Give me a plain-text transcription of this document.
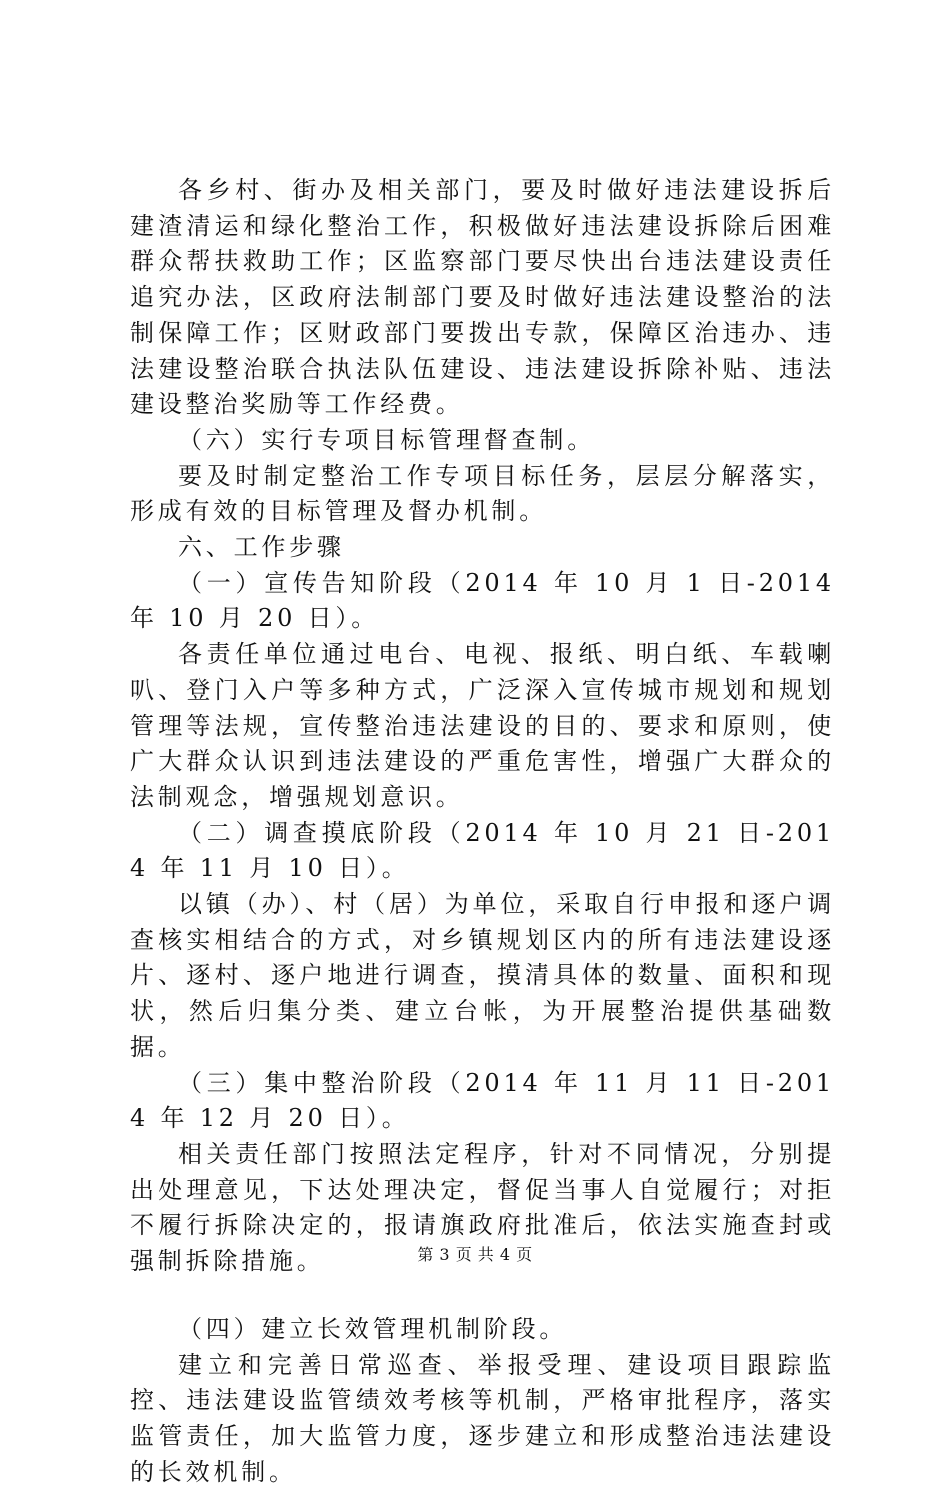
各乡村、街办及相关部门，要及时做好违法建设拆后建渣清运和绿化整治工作，积极做好违法建设拆除后困难群众帮扶救助工作；区监察部门要尽快出台违法建设责任追究办法，区政府法制部门要及时做好违法建设整治的法制保障工作；区财政部门要拨出专款，保障区治违办、违法建设整治联合执法队伍建设、违法建设拆除补贴、违法建设整治奖励等工作经费。

（六）实行专项目标管理督查制。

要及时制定整治工作专项目标任务，层层分解落实，形成有效的目标管理及督办机制。

六、工作步骤

（一）宣传告知阶段（2014 年 10 月 1 日-2014 年 10 月 20 日）。

各责任单位通过电台、电视、报纸、明白纸、车载喇叭、登门入户等多种方式，广泛深入宣传城市规划和规划管理等法规，宣传整治违法建设的目的、要求和原则，使广大群众认识到违法建设的严重危害性，增强广大群众的法制观念，增强规划意识。

（二）调查摸底阶段（2014 年 10 月 21 日-2014 年 11 月 10 日）。

以镇（办）、村（居）为单位，采取自行申报和逐户调查核实相结合的方式，对乡镇规划区内的所有违法建设逐片、逐村、逐户地进行调查，摸清具体的数量、面积和现状，然后归集分类、建立台帐，为开展整治提供基础数据。

（三）集中整治阶段（2014 年 11 月 11 日-2014 年 12 月 20 日）。

相关责任部门按照法定程序，针对不同情况，分别提出处理意见，下达处理决定，督促当事人自觉履行；对拒不履行拆除决定的，报请旗政府批准后，依法实施查封或强制拆除措施。

（四）建立长效管理机制阶段。

建立和完善日常巡查、举报受理、建设项目跟踪监控、违法建设监管绩效考核等机制，严格审批程序，落实监管责任，加大监管力度，逐步建立和形成整治违法建设的长效机制。

第 3 页 共 4 页
